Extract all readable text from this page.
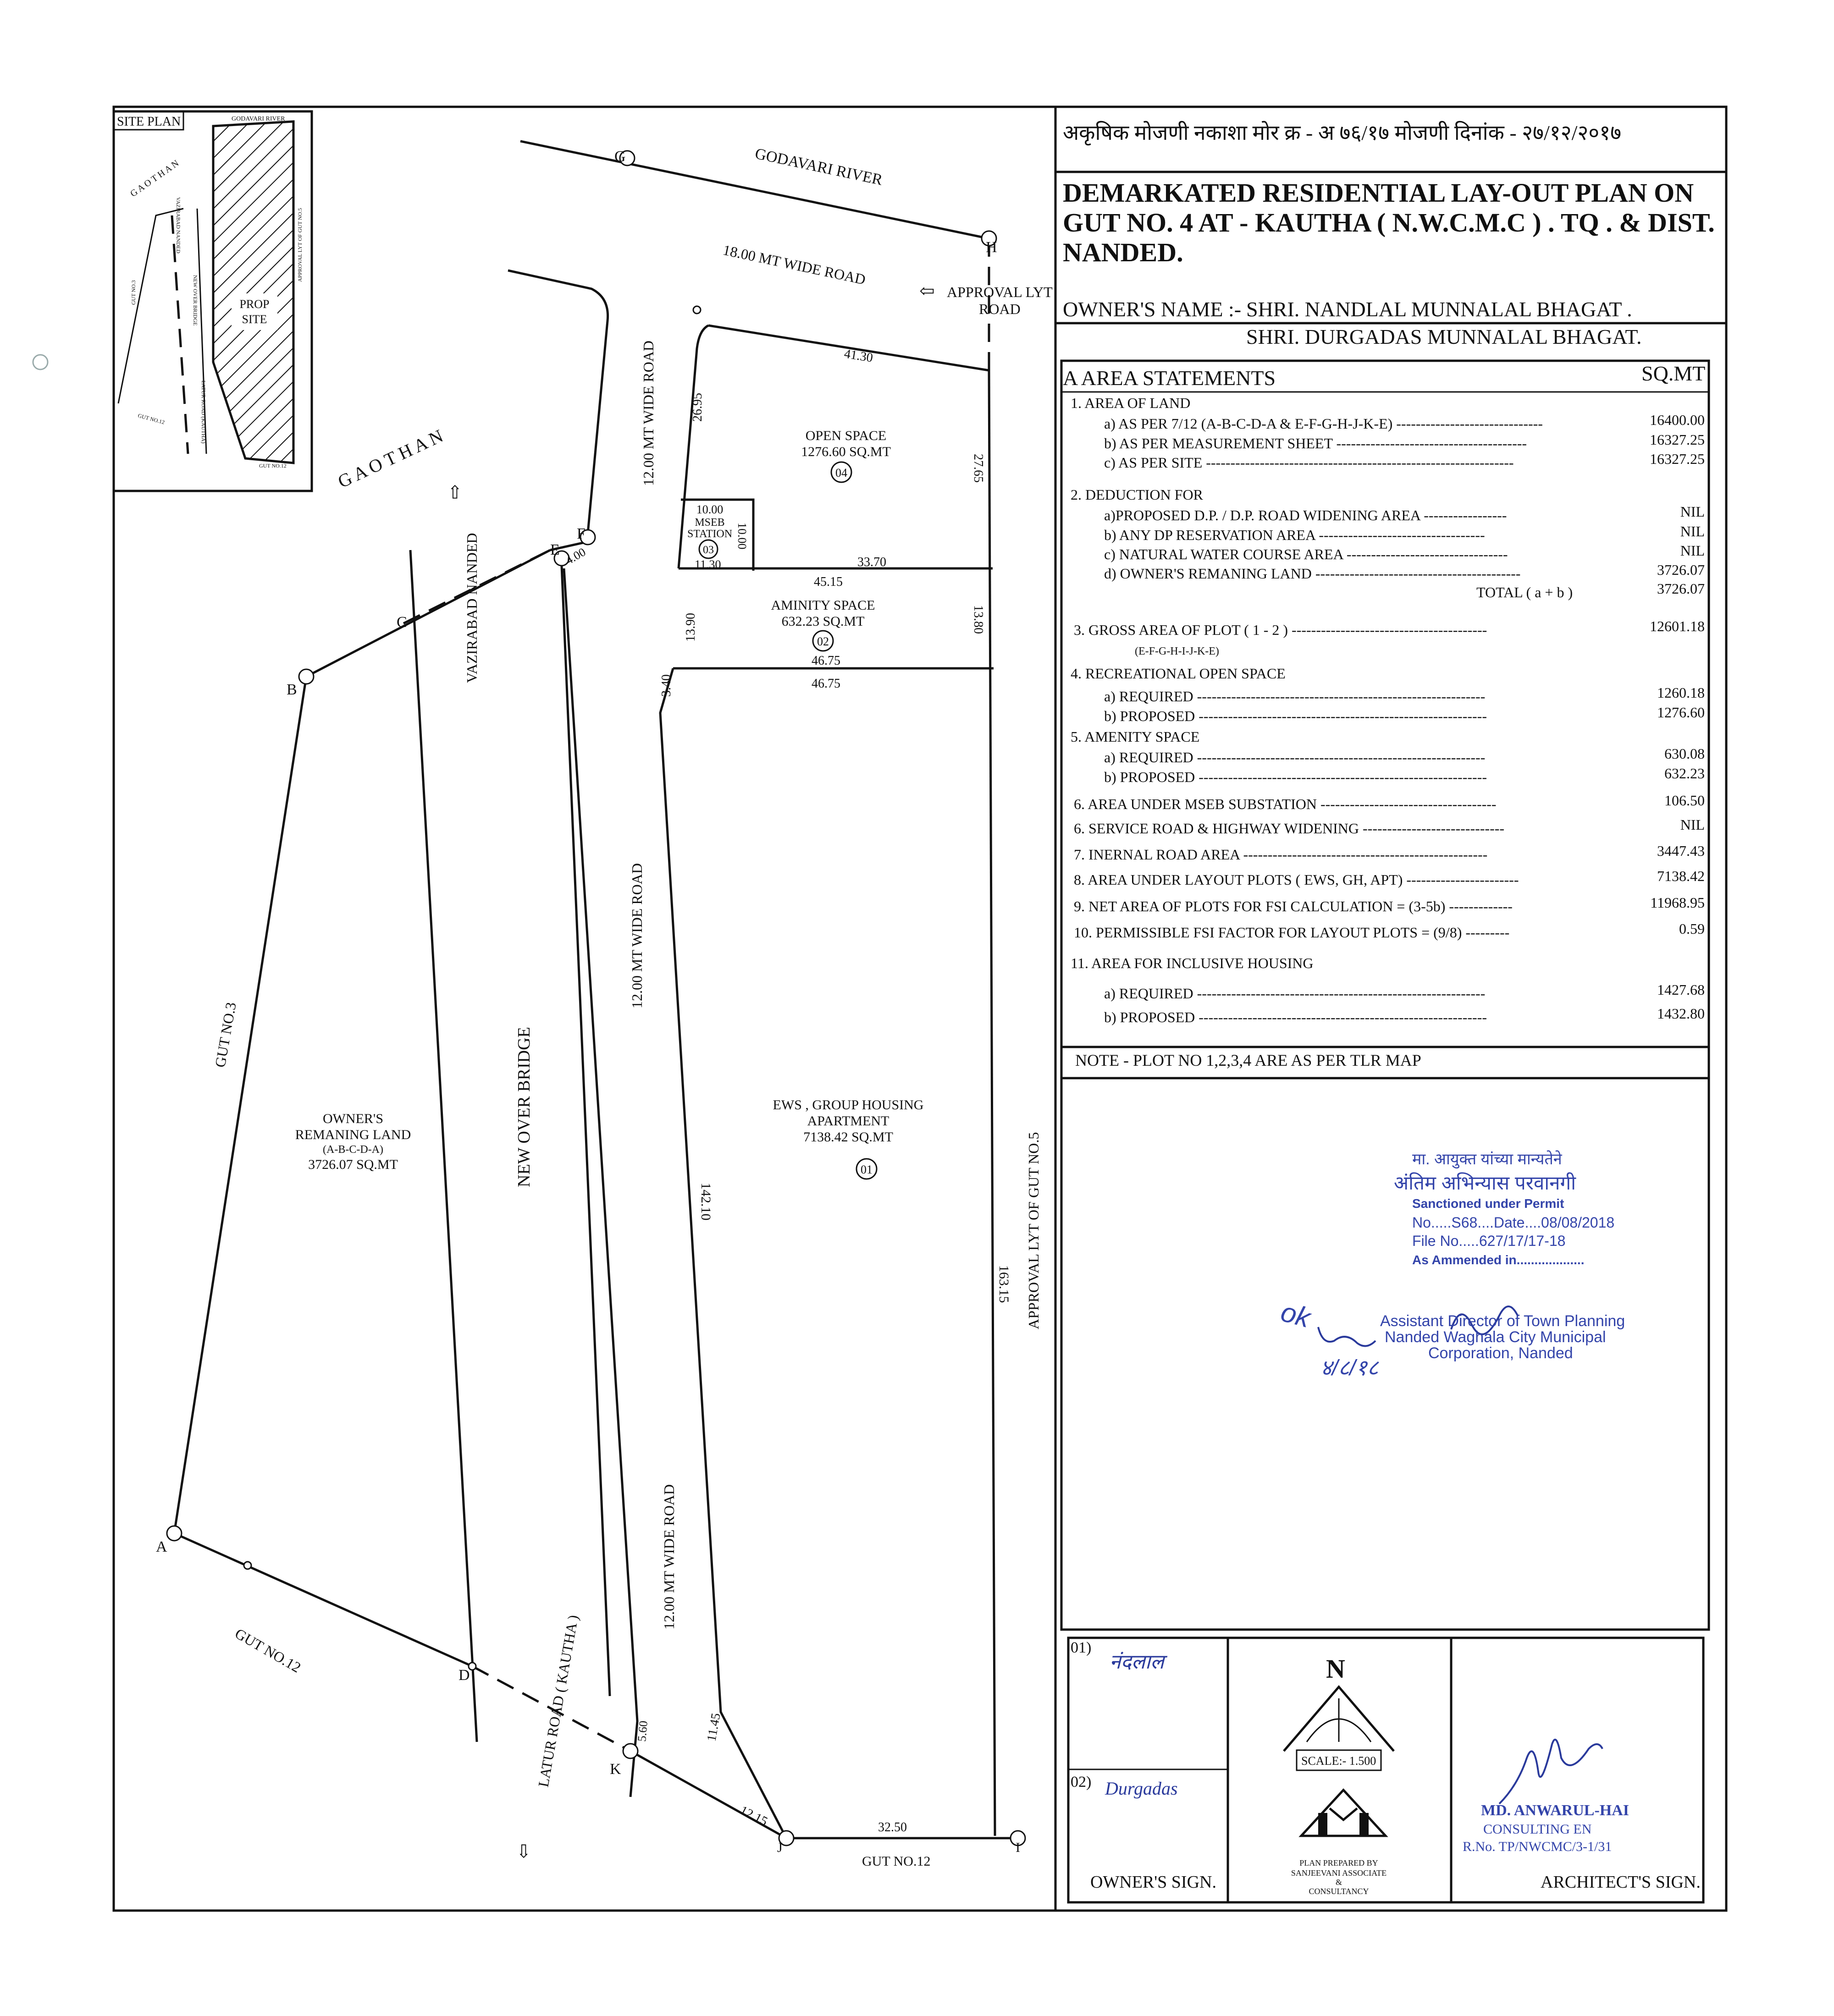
अकृषिक मोजणी नकाशा मोर क्र - अ ७६/१७ मोजणी दिनांक - २७/१२/२०१७
DEMARKATED RESIDENTIAL LAY-OUT PLAN ON
GUT NO. 4 AT - KAUTHA ( N.W.C.M.C ) . TQ . & DIST.
NANDED.
OWNER'S NAME :- SHRI. NANDLAL MUNNALAL BHAGAT .
SHRI. DURGADAS MUNNALAL BHAGAT.
A AREA STATEMENTS	SQ.MT
1. AREA OF LAND
a) AS PER 7/12 (A-B-C-D-A & E-F-G-H-J-K-E) ------------------------------	16400.00
b) AS PER MEASUREMENT SHEET ---------------------------------------	16327.25
c) AS PER SITE ---------------------------------------------------------------	16327.25
2. DEDUCTION FOR
a)PROPOSED D.P. / D.P. ROAD WIDENING AREA -----------------	NIL
b) ANY DP RESERVATION AREA ----------------------------------	NIL
c) NATURAL WATER COURSE AREA ---------------------------------	NIL
d) OWNER'S REMANING LAND ------------------------------------------	3726.07
TOTAL ( a + b )	3726.07
3. GROSS AREA OF PLOT ( 1 - 2 ) ----------------------------------------	12601.18
(E-F-G-H-I-J-K-E)
4. RECREATIONAL OPEN SPACE
a) REQUIRED -----------------------------------------------------------	1260.18
b) PROPOSED -----------------------------------------------------------	1276.60
5. AMENITY SPACE
a) REQUIRED -----------------------------------------------------------	630.08
b) PROPOSED -----------------------------------------------------------	632.23
6. AREA UNDER MSEB SUBSTATION ------------------------------------	106.50
6. SERVICE ROAD & HIGHWAY WIDENING -----------------------------	NIL
7. INERNAL ROAD AREA --------------------------------------------------	3447.43
8. AREA UNDER LAYOUT PLOTS ( EWS, GH, APT) -----------------------	7138.42
9. NET AREA OF PLOTS FOR FSI CALCULATION = (3-5b) -------------	11968.95
10. PERMISSIBLE FSI FACTOR FOR LAYOUT PLOTS = (9/8) ---------	0.59
11. AREA FOR INCLUSIVE HOUSING
a) REQUIRED -----------------------------------------------------------	1427.68
b) PROPOSED -----------------------------------------------------------	1432.80
NOTE - PLOT NO 1,2,3,4 ARE AS PER TLR MAP
मा. आयुक्त यांच्या मान्यतेने
अंतिम अभिन्यास परवानगी
Sanctioned under Permit
No.....S68....Date....08/08/2018
File No.....627/17/17-18
As Ammended in...................
Assistant Director of Town Planning
Nanded Waghala City Municipal
Corporation, Nanded
ok
४/८/१८
01)
नंदलाल
02) Durgadas
OWNER'S SIGN.
N
SCALE:- 1.500
PLAN PREPARED BY
SANJEEVANI ASSOCIATE
&
CONSULTANCY
MD. ANWARUL-HAI
CONSULTING EN
R.No. TP/NWCMC/3-1/31
ARCHITECT'S SIGN.
SITE PLAN
PROP
SITE
GODAVARI RIVER
G A O T H A N
GUT NO.3
GUT NO.12
GUT NO.12
VAZIRABAD NANDED
NEW OVER BRIDGE
LATUR ROAD (KAUTHA)
APPROVAL LYT OF GUT NO.5
G
H
B
C
E
F
A
D
K
J	I
GODAVARI RIVER
18.00 MT WIDE ROAD
⇦ APPROVAL LYT
ROAD
G A O T H A N
VAZIRABAD NANDED
⇨
12.00 MT WIDE ROAD
12.00 MT WIDE ROAD
12.00 MT WIDE ROAD
GUT NO.3
OWNER'S
REMANING LAND
(A-B-C-D-A)
3726.07 SQ.MT	NEW OVER BRIDGE
GUT NO.12
GUT NO.12
LATUR ROAD ( KAUTHA )
⇦
APPROVAL LYT OF GUT NO.5
OPEN SPACE
1276.60 SQ.MT
04
10.00
MSEB
STATION
03
10.00
11.30
AMINITY SPACE
632.23 SQ.MT
02
EWS , GROUP HOUSING
APARTMENT
7138.42 SQ.MT
01
41.30
26.95
27.65
45.15
33.70
13.90	13.80
46.75
46.75
3.40
142.10
163.15
11.45
12.15	32.50
5.60
4.00
